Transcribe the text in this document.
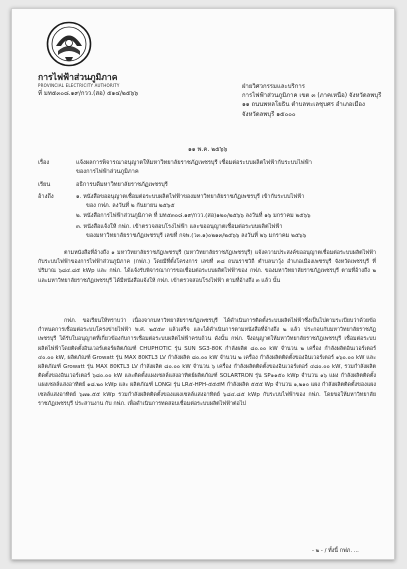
การไฟฟ้าส่วนภูมิภาค
PROVINCIAL ELECTRICITY AUTHORITY
ที่ มท๕๓๐๘.๑๙/กวว.(สอ) ๕๑๔/๒๕๖๖
ฝ่ายวิศวกรรมและบริการ
การไฟฟ้าส่วนภูมิภาค เขต ๓ (ภาคเหนือ) จังหวัดลพบุรี
๑๑ ถนนพหลโยธิน ตำบลทะเลชุบศร อำเภอเมือง
จังหวัดลพบุรี ๑๕๐๐๐
๑๑ พ.ค. ๒๕๖๖
เรื่อง	แจ้งผลการพิจารณาอนุญาตให้มหาวิทยาลัยราชภัฏเพชรบุรี เชื่อมต่อระบบผลิตไฟฟ้ากับระบบไฟฟ้า
ของการไฟฟ้าส่วนภูมิภาค
เรียน	อธิการบดีมหาวิทยาลัยราชภัฏเพชรบุรี
อ้างถึง	๑. หนังสือขออนุญาตเชื่อมต่อระบบผลิตไฟฟ้าของมหาวิทยาลัยราชภัฏเพชรบุรี เข้ากับระบบไฟฟ้า
ของ กฟภ. ลงวันที่ ๒ กันยายน ๒๕๖๕
๒. หนังสือการไฟฟ้าส่วนภูมิภาค ที่ มท๕๓๐๘.๑๙/กวว.(สอ)๑๒๐/๒๕๖๖ ลงวันที่ ๑๖ มกราคม ๒๕๖๖
๓. หนังสือแจ้งให้ กฟภ. เข้าตรวจสอบโรงไฟฟ้า และขออนุญาตเชื่อมต่อระบบผลิตไฟฟ้า
ของมหาวิทยาลัยราชภัฏเพชรบุรี เลขที่ กจพ.(ว๓.๑)๐๒๑๓/๒๕๖๖ ลงวันที่ ๒๖ มกราคม ๒๕๖๖
ตามหนังสือที่อ้างถึง ๑ มหาวิทยาลัยราชภัฏเพชรบุรี (มหาวิทยาลัยราชภัฏเพชรบุรี) แจ้งความประสงค์ขออนุญาตเชื่อมต่อระบบผลิตไฟฟ้ากับระบบไฟฟ้าของการไฟฟ้าส่วนภูมิภาค (กฟภ.) โดยมีที่ตั้งโครงการ เลขที่ ๓๘ ถนนราชวิถี ตำบลนาวุ้ง อำเภอเมืองเพชรบุรี จังหวัดเพชรบุรี ที่ปริมาณ ๖๘๔.๘๕ kWp และ กฟภ. ได้แจ้งรับพิจารณาการขอเชื่อมต่อระบบผลิตไฟฟ้าของ กฟภ. ของมหาวิทยาลัยราชภัฏเพชรบุรี ตามที่อ้างถึง ๒ และมหาวิทยาลัยราชภัฏเพชรบุรี ได้มีหนังสือแจ้งให้ กฟภ. เข้าตรวจสอบโรงไฟฟ้า ตามที่อ้างถึง ๓ แล้ว นั้น
กฟภ. ขอเรียนให้ทราบว่า เนื่องจากมหาวิทยาลัยราชภัฏเพชรบุรี ได้ดำเนินการติดตั้งระบบผลิตไฟฟ้าซึ่งเป็นไปตามระเบียบว่าด้วยข้อกำหนดการเชื่อมต่อระบบโครงข่ายไฟฟ้า พ.ศ. ๒๕๕๙ แล้วเสร็จ และได้ดำเนินการตามหนังสือที่อ้างถึง ๒ แล้ว ประกอบกับมหาวิทยาลัยราชภัฏเพชรบุรี ได้รับใบอนุญาตที่เกี่ยวข้องกับการเชื่อมต่อระบบผลิตไฟฟ้าครบถ้วน ดังนั้น กฟภ. จึงอนุญาตให้มหาวิทยาลัยราชภัฏเพชรบุรี เชื่อมต่อระบบผลิตไฟฟ้าโดยติดตั้งอินเวอร์เตอร์ผลิตภัณฑ์ CHUPHOTIC รุ่น SUN SG3-80K กำลังผลิต ๘๐.๐๐ kW จำนวน ๒ เครื่อง กำลังผลิตอินเวอร์เตอร์ ๔๐.๐๐ kW, ผลิตภัณฑ์ Growatt รุ่น MAX 80KTL3 LV กำลังผลิต ๘๐.๐๐ kW จำนวน ๒ เครื่อง กำลังผลิตติดตั้งของอินเวอร์เตอร์ ๑๖๐.๐๐ kW และ ผลิตภัณฑ์ Growatt รุ่น MAX 80KTL3 LV กำลังผลิต ๘๐.๐๐ kW จำนวน ๖ เครื่อง กำลังผลิตติดตั้งของอินเวอร์เตอร์ ๔๘๐.๐๐ kW, รวมกำลังผลิตติดตั้งของอินเวอร์เตอร์ ๖๘๐.๐๐ kW และติดตั้งแผงเซลล์แสงอาทิตย์ผลิตภัณฑ์ SOLARTRON รุ่น SP๑๑๕๐ kWp จำนวน ๑๖ แผง กำลังผลิตติดตั้งแผงเซลล์แสงอาทิตย์ ๑๘.๒๐ kWp และ ผลิตภัณฑ์ LONGi รุ่น LR๕-HPH-๕๕๕M กำลังผลิต ๕๕๕ Wp จำนวน ๑,๒๑๐ แผง กำลังผลิตติดตั้งของแผงเซลล์แสงอาทิตย์ ๖๗๑.๕๕ kWp รวมกำลังผลิตติดตั้งของแผงเซลล์แสงอาทิตย์ ๖๘๔.๘๕ kWp กับระบบไฟฟ้าของ กฟภ. โดยขอให้มหาวิทยาลัยราชภัฏเพชรบุรี ประสานงาน กับ กฟภ. เพื่อดำเนินการทดสอบเชื่อมต่อระบบผลิตไฟฟ้าต่อไป
- ๒ - / ทั้งนี้ กฟภ. ...
